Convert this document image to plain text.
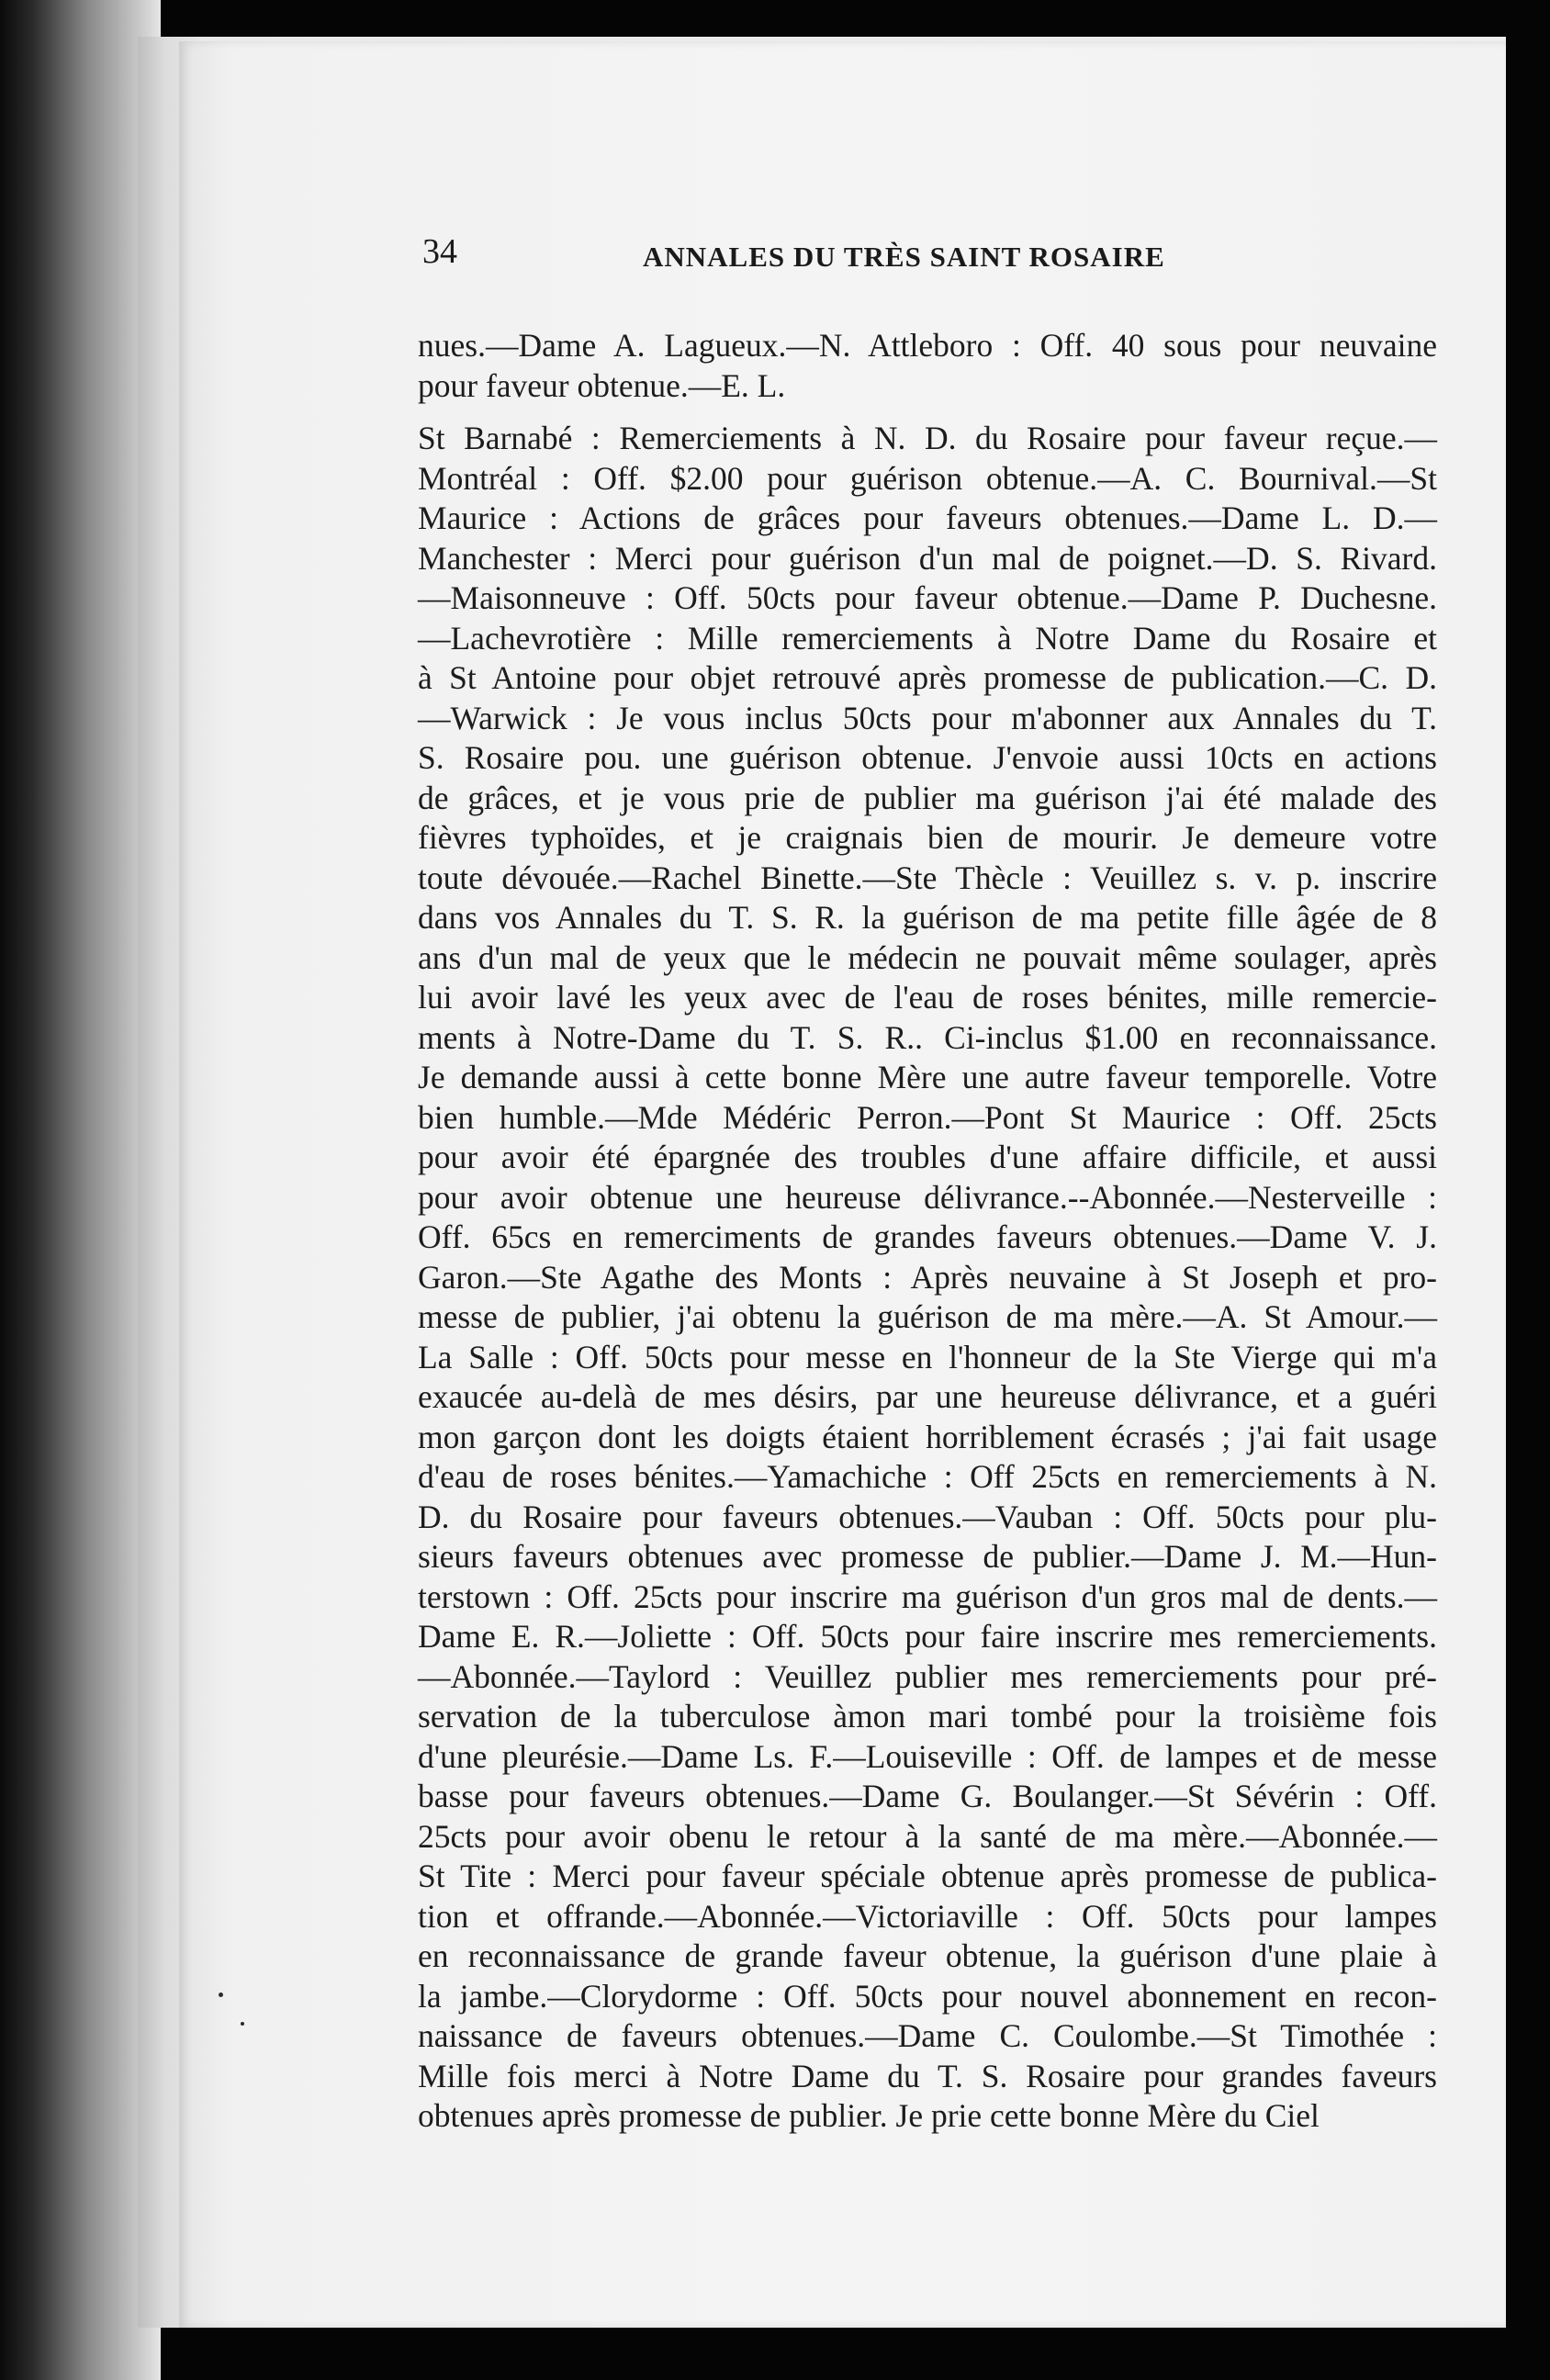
34	ANNALES DU TRÈS SAINT ROSAIRE
nues.—Dame A. Lagueux.—N. Attleboro : Off. 40 sous pour neuvaine
pour faveur obtenue.—E. L.
St Barnabé : Remerciements à N. D. du Rosaire pour faveur reçue.—
Montréal : Off. $2.00 pour guérison obtenue.—A. C. Bournival.—St
Maurice : Actions de grâces pour faveurs obtenues.—Dame L. D.—
Manchester : Merci pour guérison d'un mal de poignet.—D. S. Rivard.
—Maisonneuve : Off. 50cts pour faveur obtenue.—Dame P. Duchesne.
—Lachevrotière : Mille remerciements à Notre Dame du Rosaire et
à St Antoine pour objet retrouvé après promesse de publication.—C. D.
—Warwick : Je vous inclus 50cts pour m'abonner aux Annales du T.
S. Rosaire pou. une guérison obtenue. J'envoie aussi 10cts en actions
de grâces, et je vous prie de publier ma guérison j'ai été malade des
fièvres typhoïdes, et je craignais bien de mourir. Je demeure votre
toute dévouée.—Rachel Binette.—Ste Thècle : Veuillez s. v. p. inscrire
dans vos Annales du T. S. R. la guérison de ma petite fille âgée de 8
ans d'un mal de yeux que le médecin ne pouvait même soulager, après
lui avoir lavé les yeux avec de l'eau de roses bénites, mille remercie-
ments à Notre-Dame du T. S. R.. Ci-inclus $1.00 en reconnaissance.
Je demande aussi à cette bonne Mère une autre faveur temporelle. Votre
bien humble.—Mde Médéric Perron.—Pont St Maurice : Off. 25cts
pour avoir été épargnée des troubles d'une affaire difficile, et aussi
pour avoir obtenue une heureuse délivrance.--Abonnée.—Nesterveille :
Off. 65cs en remerciments de grandes faveurs obtenues.—Dame V. J.
Garon.—Ste Agathe des Monts : Après neuvaine à St Joseph et pro-
messe de publier, j'ai obtenu la guérison de ma mère.—A. St Amour.—
La Salle : Off. 50cts pour messe en l'honneur de la Ste Vierge qui m'a
exaucée au-delà de mes désirs, par une heureuse délivrance, et a guéri
mon garçon dont les doigts étaient horriblement écrasés ; j'ai fait usage
d'eau de roses bénites.—Yamachiche : Off 25cts en remerciements à N.
D. du Rosaire pour faveurs obtenues.—Vauban : Off. 50cts pour plu-
sieurs faveurs obtenues avec promesse de publier.—Dame J. M.—Hun-
terstown : Off. 25cts pour inscrire ma guérison d'un gros mal de dents.—
Dame E. R.—Joliette : Off. 50cts pour faire inscrire mes remerciements.
—Abonnée.—Taylord : Veuillez publier mes remerciements pour pré-
servation de la tuberculose àmon mari tombé pour la troisième fois
d'une pleurésie.—Dame Ls. F.—Louiseville : Off. de lampes et de messe
basse pour faveurs obtenues.—Dame G. Boulanger.—St Sévérin : Off.
25cts pour avoir obenu le retour à la santé de ma mère.—Abonnée.—
St Tite : Merci pour faveur spéciale obtenue après promesse de publica-
tion et offrande.—Abonnée.—Victoriaville : Off. 50cts pour lampes
en reconnaissance de grande faveur obtenue, la guérison d'une plaie à
la jambe.—Clorydorme : Off. 50cts pour nouvel abonnement en recon-
naissance de faveurs obtenues.—Dame C. Coulombe.—St Timothée :
Mille fois merci à Notre Dame du T. S. Rosaire pour grandes faveurs
obtenues après promesse de publier. Je prie cette bonne Mère du Ciel
